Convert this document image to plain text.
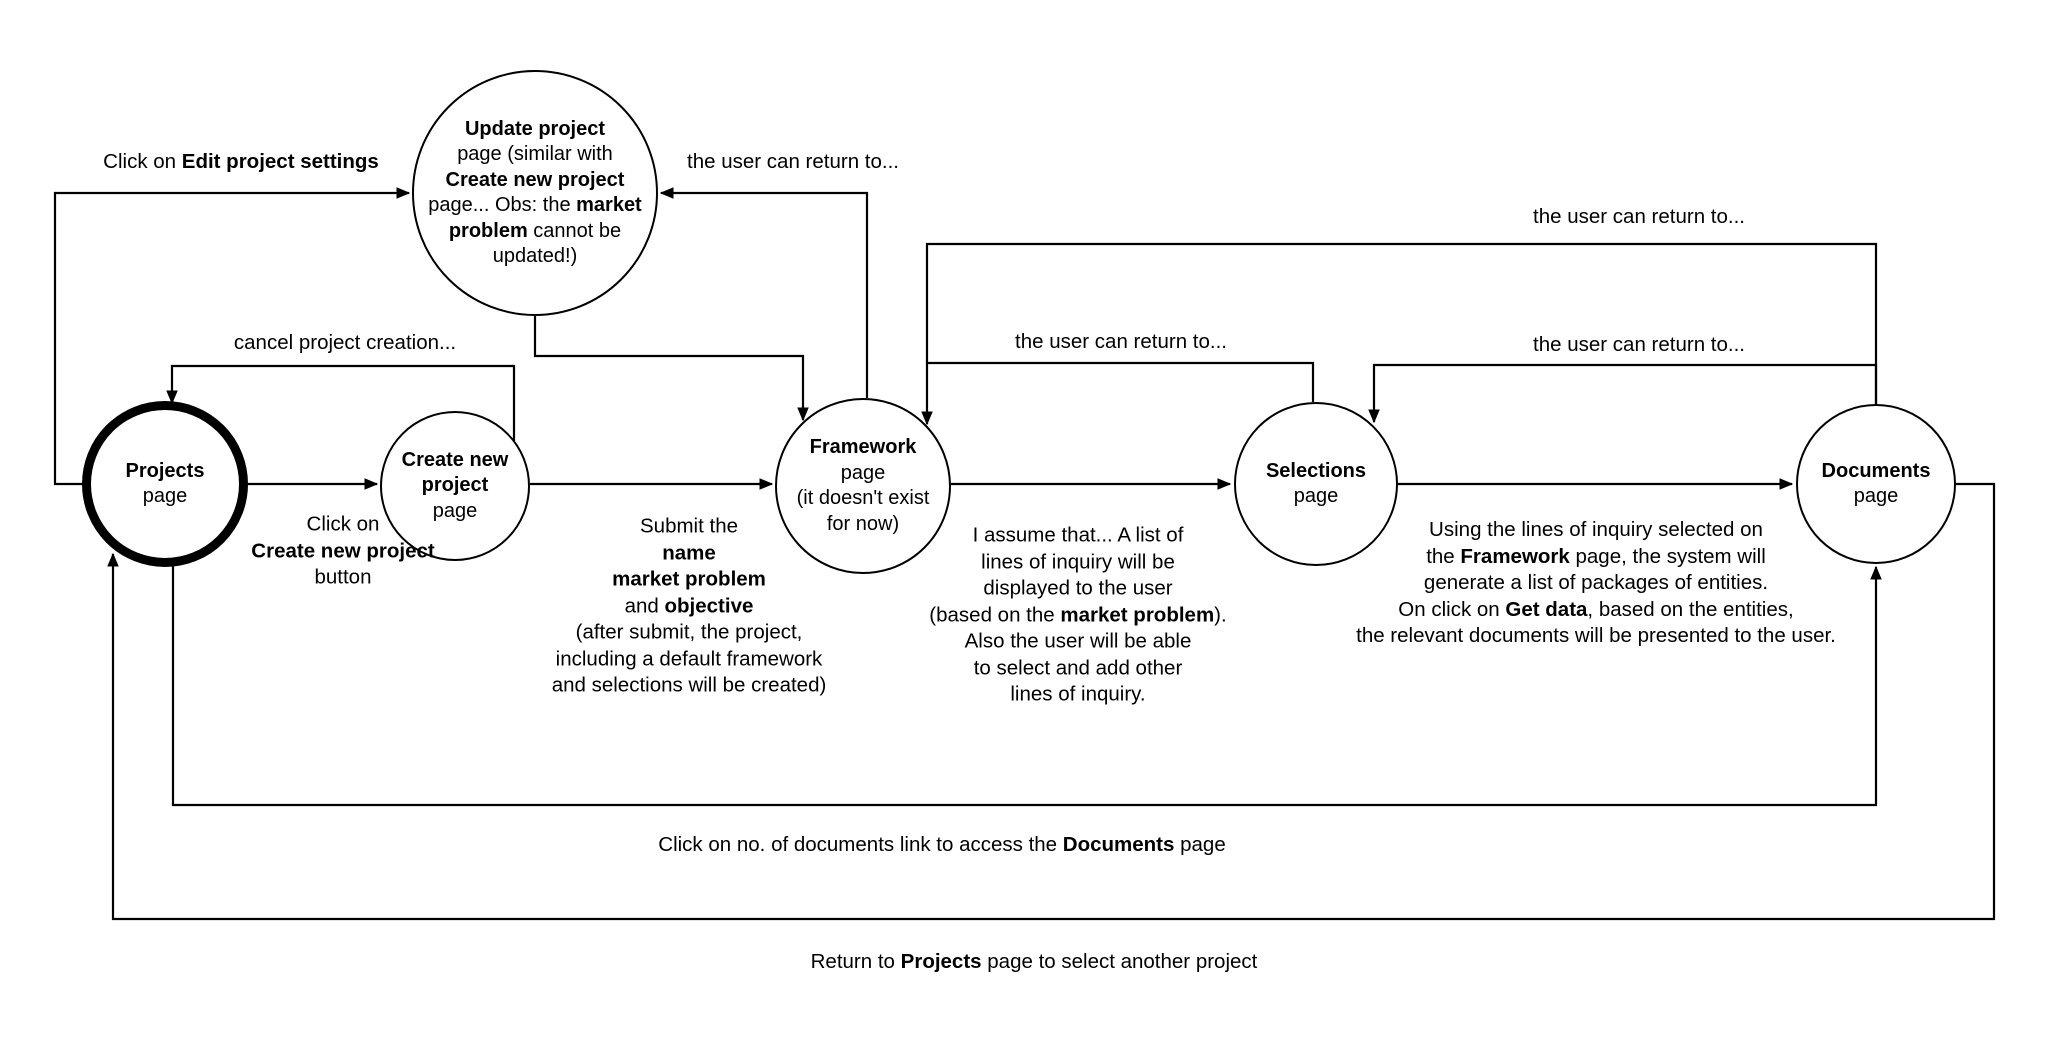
Projects
page
Update project
page (similar with
Create new project
page... Obs: the market
problem cannot be
updated!)
Create new
project
page
Framework
page
(it doesn't exist
for now)
Selections
page
Documents
page
Click on Edit project settings	the user can return to...
cancel project creation...	the user can return to...	the user can return to...
the user can return to...
Click on
Create new project
button
Submit the
name
market problem
and objective
(after submit, the project,
including a default framework
and selections will be created)
I assume that... A list of
lines of inquiry will be
displayed to the user
(based on the market problem).
Also the user will be able
to select and add other
lines of inquiry.
Using the lines of inquiry selected on
the Framework page, the system will
generate a list of packages of entities.
On click on Get data, based on the entities,
the relevant documents will be presented to the user.
Click on no. of documents link to access the Documents page
Return to Projects page to select another project
